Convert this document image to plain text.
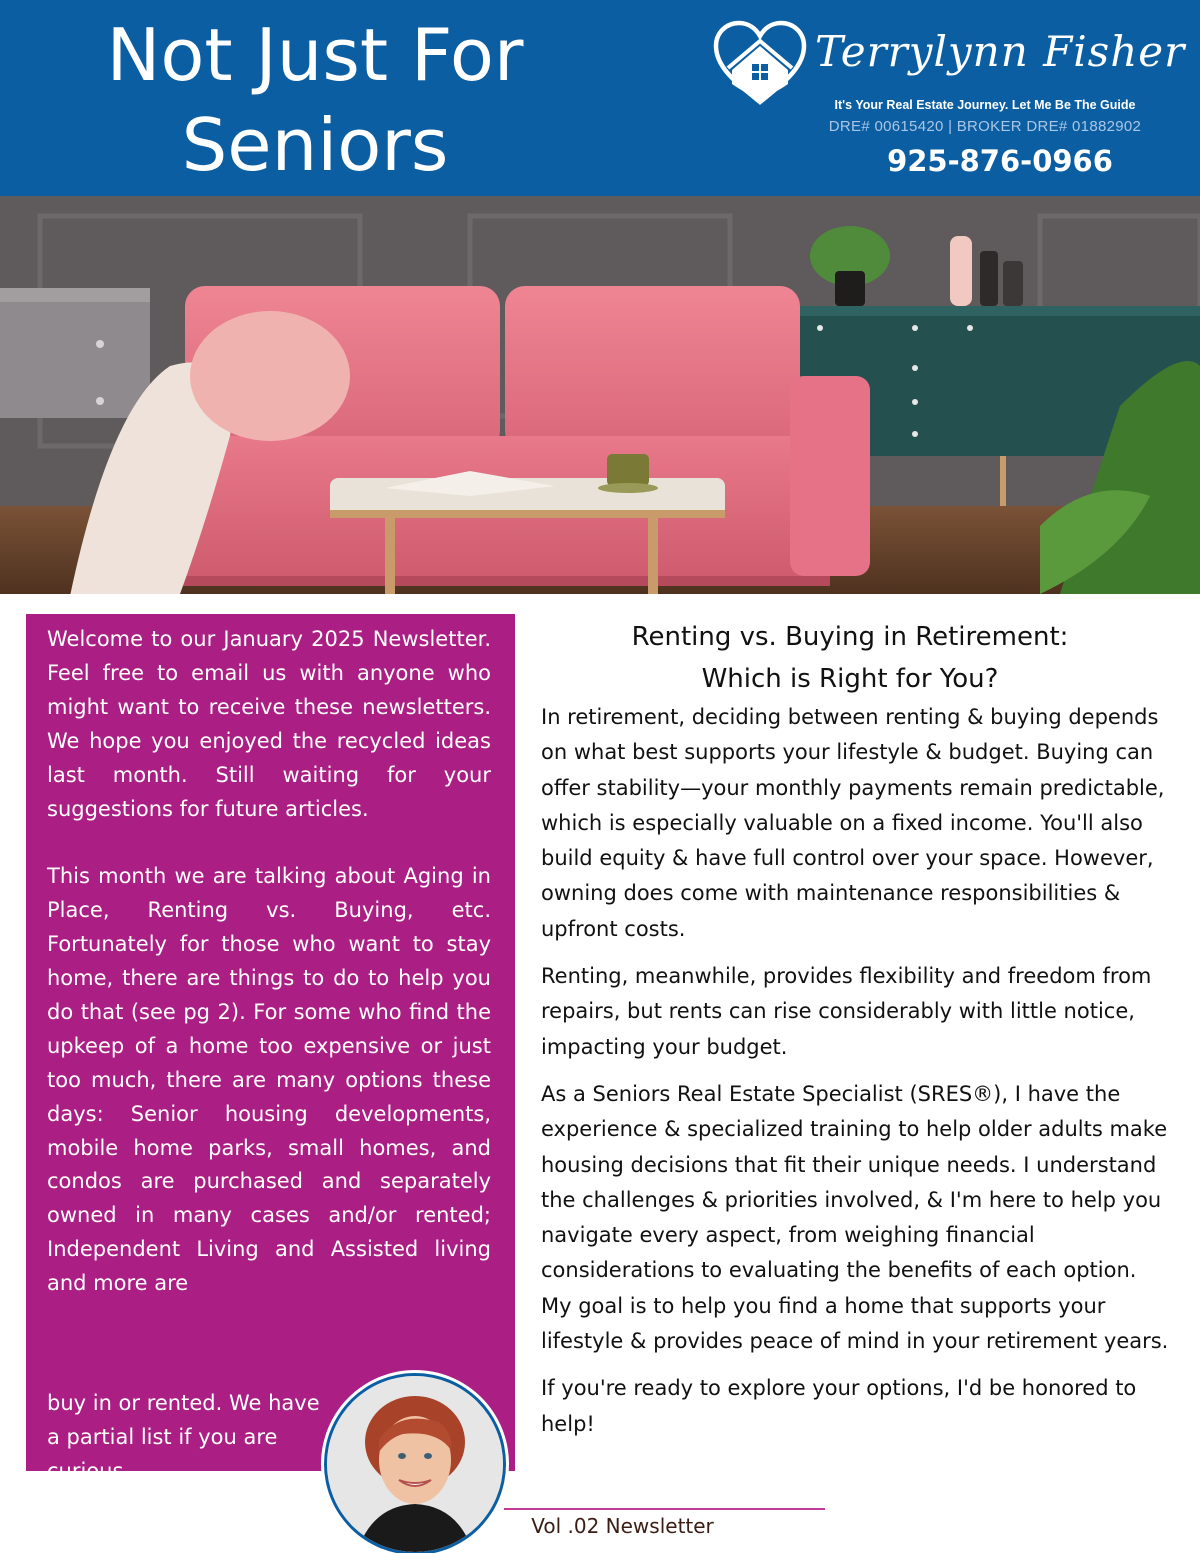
Not Just For
Seniors
Terrylynn Fisher
It's Your Real Estate Journey. Let Me Be The Guide
DRE# 00615420 | BROKER DRE# 01882902
925-876-0966

Welcome to our January 2025 Newsletter. Feel free to email us with anyone who might want to receive these newsletters. We hope you enjoyed the recycled ideas last month. Still waiting for your suggestions for future articles.

This month we are talking about Aging in Place, Renting vs. Buying, etc. Fortunately for those who want to stay home, there are things to do to help you do that (see pg 2). For some who find the upkeep of a home too expensive or just too much, there are many options these days: Senior housing developments, mobile home parks, small homes, and condos are purchased and separately owned in many cases and/or rented; Independent Living and Assisted living and more are

buy in or rented. We have a partial list if you are curious.
Renting vs. Buying in Retirement:
Which is Right for You?

In retirement, deciding between renting & buying depends on what best supports your lifestyle & budget. Buying can offer stability—your monthly payments remain predictable, which is especially valuable on a fixed income. You'll also build equity & have full control over your space. However, owning does come with maintenance responsibilities & upfront costs.

Renting, meanwhile, provides flexibility and freedom from repairs, but rents can rise considerably with little notice, impacting your budget.

As a Seniors Real Estate Specialist (SRES®), I have the experience & specialized training to help older adults make housing decisions that fit their unique needs. I understand the challenges & priorities involved, & I'm here to help you navigate every aspect, from weighing financial considerations to evaluating the benefits of each option. My goal is to help you find a home that supports your lifestyle & provides peace of mind in your retirement years.

If you're ready to explore your options, I'd be honored to help!

Vol .02 Newsletter
